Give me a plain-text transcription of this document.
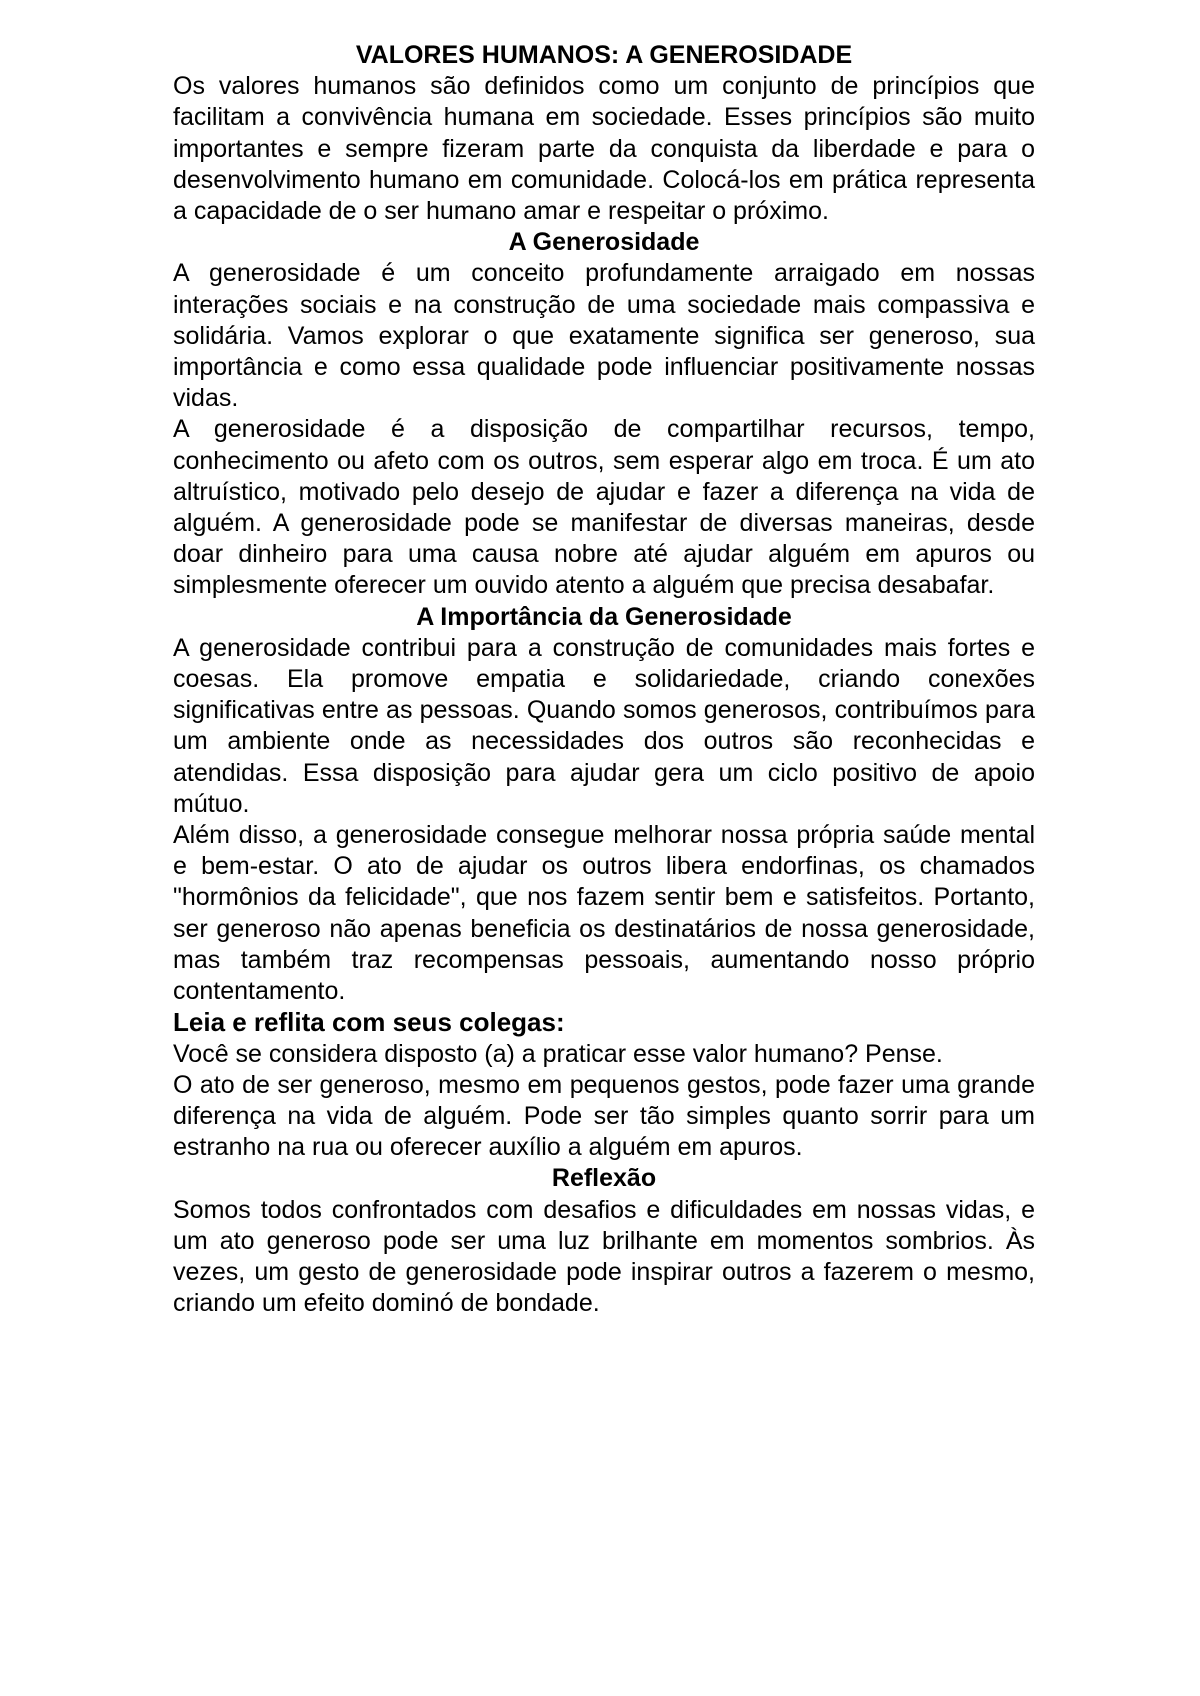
VALORES HUMANOS: A GENEROSIDADE

Os valores humanos são definidos como um conjunto de princípios que facilitam a convivência humana em sociedade. Esses princípios são muito importantes e sempre fizeram parte da conquista da liberdade e para o desenvolvimento humano em comunidade. Colocá-los em prática representa a capacidade de o ser humano amar e respeitar o próximo.

A Generosidade

A generosidade é um conceito profundamente arraigado em nossas interações sociais e na construção de uma sociedade mais compassiva e solidária. Vamos explorar o que exatamente significa ser generoso, sua importância e como essa qualidade pode influenciar positivamente nossas vidas.

A generosidade é a disposição de compartilhar recursos, tempo, conhecimento ou afeto com os outros, sem esperar algo em troca. É um ato altruístico, motivado pelo desejo de ajudar e fazer a diferença na vida de alguém. A generosidade pode se manifestar de diversas maneiras, desde doar dinheiro para uma causa nobre até ajudar alguém em apuros ou simplesmente oferecer um ouvido atento a alguém que precisa desabafar.

A Importância da Generosidade

A generosidade contribui para a construção de comunidades mais fortes e coesas. Ela promove empatia e solidariedade, criando conexões significativas entre as pessoas. Quando somos generosos, contribuímos para um ambiente onde as necessidades dos outros são reconhecidas e atendidas. Essa disposição para ajudar gera um ciclo positivo de apoio mútuo.

Além disso, a generosidade consegue melhorar nossa própria saúde mental e bem-estar. O ato de ajudar os outros libera endorfinas, os chamados "hormônios da felicidade", que nos fazem sentir bem e satisfeitos. Portanto, ser generoso não apenas beneficia os destinatários de nossa generosidade, mas também traz recompensas pessoais, aumentando nosso próprio contentamento.

Leia e reflita com seus colegas:

Você se considera disposto (a) a praticar esse valor humano? Pense.

O ato de ser generoso, mesmo em pequenos gestos, pode fazer uma grande diferença na vida de alguém. Pode ser tão simples quanto sorrir para um estranho na rua ou oferecer auxílio a alguém em apuros.

Reflexão

Somos todos confrontados com desafios e dificuldades em nossas vidas, e um ato generoso pode ser uma luz brilhante em momentos sombrios. Às vezes, um gesto de generosidade pode inspirar outros a fazerem o mesmo, criando um efeito dominó de bondade.
